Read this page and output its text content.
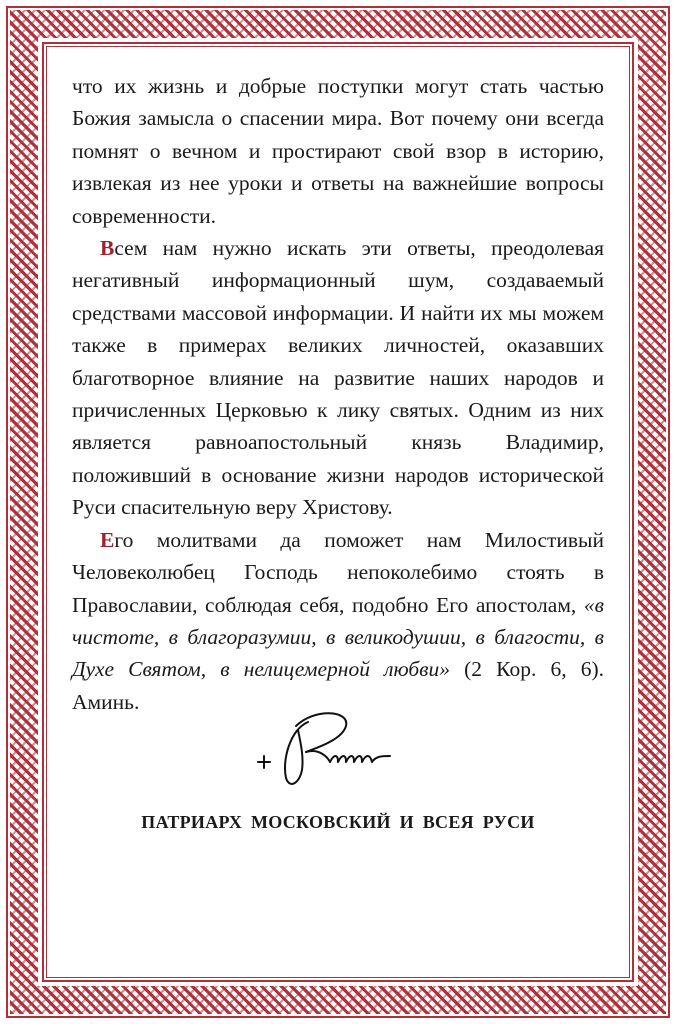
что их жизнь и добрые поступки могут стать частью Божия замысла о спасении мира. Вот почему они всегда помнят о вечном и простирают свой взор в историю, извлекая из нее уроки и ответы на важнейшие вопросы современности.

Всем нам нужно искать эти ответы, преодолевая негативный информационный шум, создаваемый средствами массовой информации. И найти их мы можем также в примерах великих личностей, оказавших благотворное влияние на развитие наших народов и причисленных Церковью к лику святых. Одним из них является равноапостольный князь Владимир, положивший в основание жизни народов исторической Руси спасительную веру Христову.

Его молитвами да поможет нам Милостивый Человеколюбец Господь непоколебимо стоять в Православии, соблюдая себя, подобно Его апостолам, «в чистоте, в благоразумии, в великодушии, в благости, в Духе Святом, в нелицемерной любви» (2 Кор. 6, 6). Аминь.

ПАТРИАРХ МОСКОВСКИЙ И ВСЕЯ РУСИ
